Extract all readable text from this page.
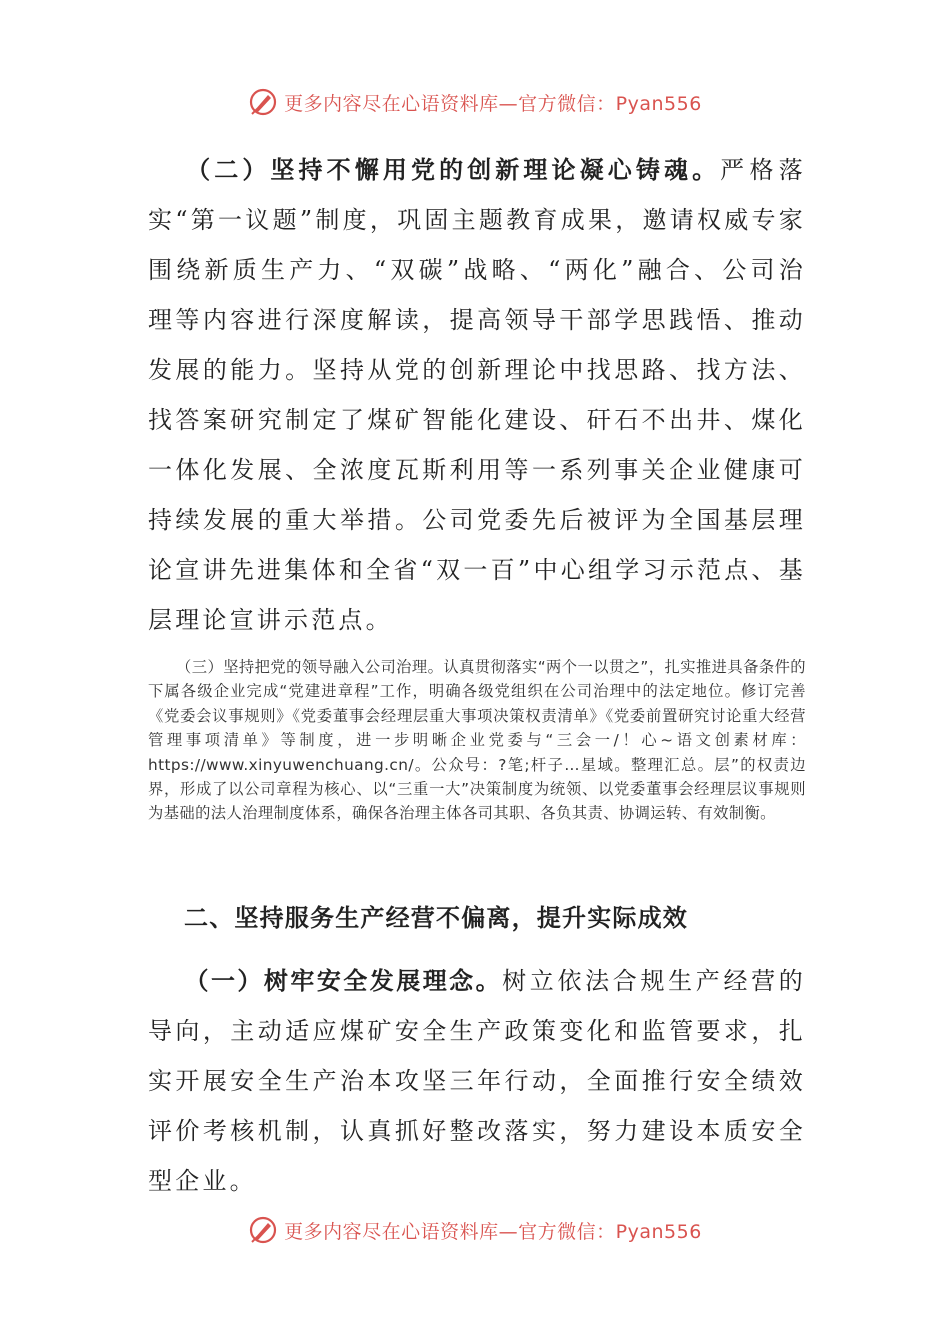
更多内容尽在心语资料库—官方微信：Pyan556

（二）坚持不懈用党的创新理论凝心铸魂。严格落实“第一议题”制度，巩固主题教育成果，邀请权威专家围绕新质生产力、“双碳”战略、“两化”融合、公司治理等内容进行深度解读，提高领导干部学思践悟、推动发展的能力。坚持从党的创新理论中找思路、找方法、找答案研究制定了煤矿智能化建设、矸石不出井、煤化一体化发展、全浓度瓦斯利用等一系列事关企业健康可持续发展的重大举措。公司党委先后被评为全国基层理论宣讲先进集体和全省“双一百”中心组学习示范点、基层理论宣讲示范点。

（三）坚持把党的领导融入公司治理。认真贯彻落实“两个一以贯之”，扎实推进具备条件的下属各级企业完成“党建进章程”工作，明确各级党组织在公司治理中的法定地位。修订完善《党委会议事规则》《党委董事会经理层重大事项决策权责清单》《党委前置研究讨论重大经营管理事项清单》等制度，进一步明晰企业党委与“三会一/！心~语文创素材库：https://www.xinyuwenchuang.cn/。公众号：?笔;杆子…星域。整理汇总。层”的权责边界，形成了以公司章程为核心、以“三重一大”决策制度为统领、以党委董事会经理层议事规则为基础的法人治理制度体系，确保各治理主体各司其职、各负其责、协调运转、有效制衡。

二、坚持服务生产经营不偏离，提升实际成效

（一）树牢安全发展理念。树立依法合规生产经营的导向，主动适应煤矿安全生产政策变化和监管要求，扎实开展安全生产治本攻坚三年行动，全面推行安全绩效评价考核机制，认真抓好整改落实，努力建设本质安全型企业。

更多内容尽在心语资料库—官方微信：Pyan556
